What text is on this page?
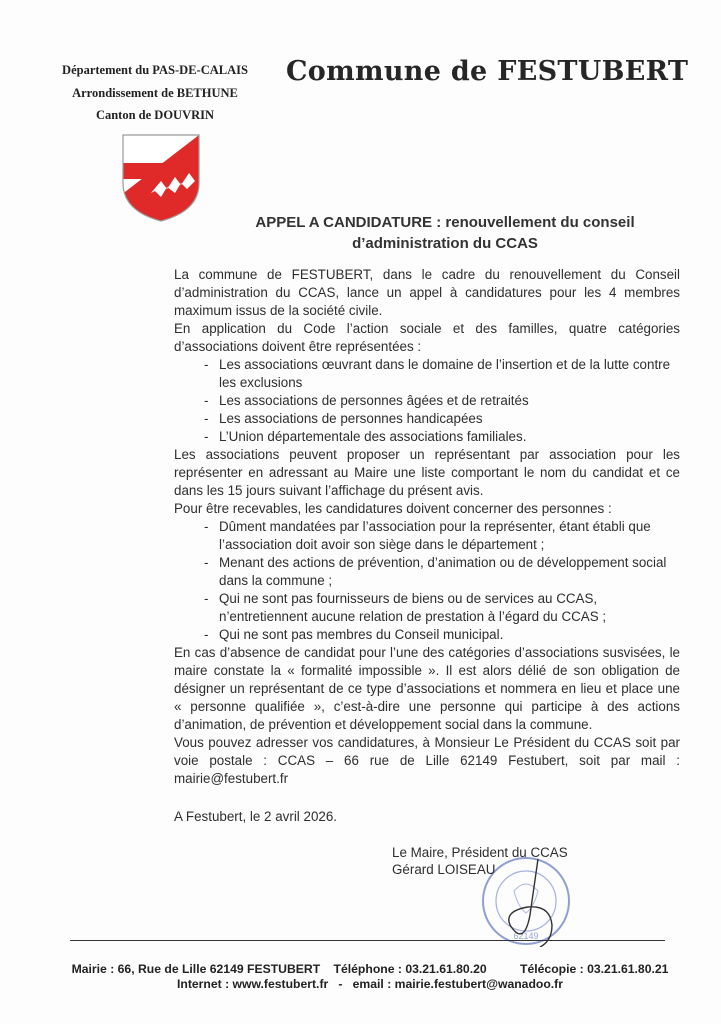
Département du PAS-DE-CALAIS
Arrondissement de BETHUNE
Canton de DOUVRIN
Commune de FESTUBERT
APPEL A CANDIDATURE : renouvellement du conseil
d’administration du CCAS

La commune de FESTUBERT, dans le cadre du renouvellement du Conseil d’administration du CCAS, lance un appel à candidatures pour les 4 membres maximum issus de la société civile.

En application du Code l’action sociale et des familles, quatre catégories d’associations doivent être représentées :

- Les associations œuvrant dans le domaine de l’insertion et de la lutte contre les exclusions
- Les associations de personnes âgées et de retraités
- Les associations de personnes handicapées
- L’Union départementale des associations familiales.

Les associations peuvent proposer un représentant par association pour les représenter en adressant au Maire une liste comportant le nom du candidat et ce dans les 15 jours suivant l’affichage du présent avis.

Pour être recevables, les candidatures doivent concerner des personnes :

- Dûment mandatées par l’association pour la représenter, étant établi que l’association doit avoir son siège dans le département ;
- Menant des actions de prévention, d’animation ou de développement social dans la commune ;
- Qui ne sont pas fournisseurs de biens ou de services au CCAS, n’entretiennent aucune relation de prestation à l’égard du CCAS ;
- Qui ne sont pas membres du Conseil municipal.

En cas d’absence de candidat pour l’une des catégories d’associations susvisées, le maire constate la « formalité impossible ». Il est alors délié de son obligation de désigner un représentant de ce type d’associations et nommera en lieu et place une « personne qualifiée », c’est-à-dire une personne qui participe à des actions d’animation, de prévention et développement social dans la commune.

Vous pouvez adresser vos candidatures, à Monsieur Le Président du CCAS soit par voie postale : CCAS – 66 rue de Lille 62149 Festubert, soit par mail : mairie@festubert.fr

A Festubert, le 2 avril 2026.
62149
Le Maire, Président du CCAS
Gérard LOISEAU
Mairie : 66, Rue de Lille 62149 FESTUBERT Téléphone : 03.21.61.80.20	Télécopie : 03.21.61.80.21
Internet : www.festubert.fr - email : mairie.festubert@wanadoo.fr
